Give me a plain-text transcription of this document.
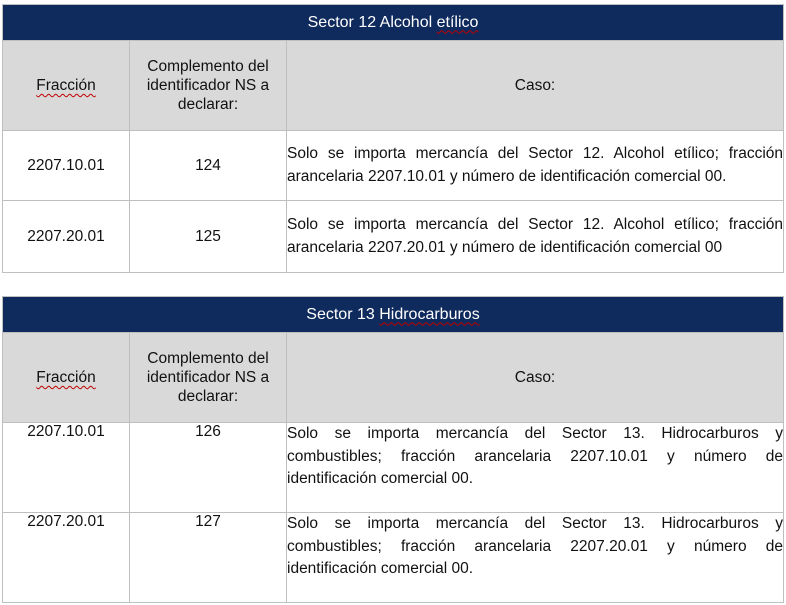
Sector 12 Alcohol etílico		
Fracción	Complemento del identificador NS a declarar:	Caso:
2207.10.01	124	Solo se importa mercancía del Sector 12. Alcohol etílico; fracción arancelaria 2207.10.01 y número de identificación comercial 00.
2207.20.01	125	Solo se importa mercancía del Sector 12. Alcohol etílico; fracción arancelaria 2207.20.01 y número de identificación comercial 00
Sector 13 Hidrocarburos		
Fracción	Complemento del identificador NS a declarar:	Caso:
2207.10.01	126	Solo se importa mercancía del Sector 13. Hidrocarburos y combustibles; fracción arancelaria 2207.10.01 y número de identificación comercial 00.
2207.20.01	127	Solo se importa mercancía del Sector 13. Hidrocarburos y combustibles; fracción arancelaria 2207.20.01 y número de identificación comercial 00.
